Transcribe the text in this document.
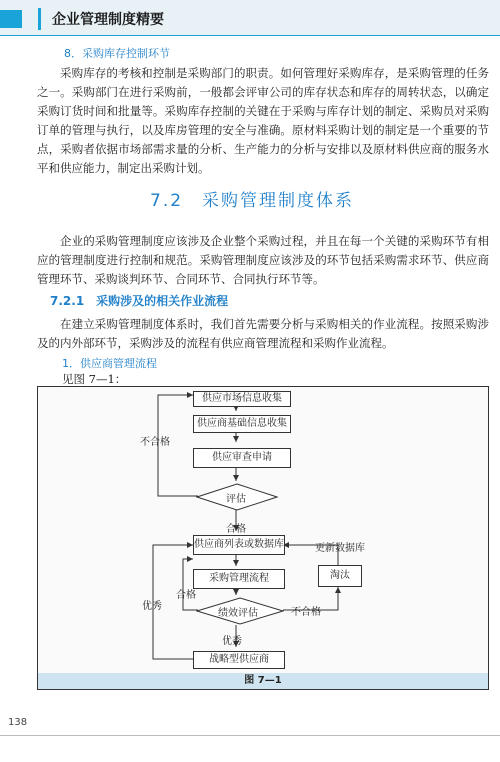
企业管理制度精要
8．采购库存控制环节

采购库存的考核和控制是采购部门的职责。如何管理好采购库存，是采购管理的任务之一。采购部门在进行采购前，一般都会评审公司的库存状态和库存的周转状态，以确定采购订货时间和批量等。采购库存控制的关键在于采购与库存计划的制定、采购员对采购订单的管理与执行，以及库房管理的安全与准确。原材料采购计划的制定是一个重要的节点，采购者依据市场部需求量的分析、生产能力的分析与安排以及原材料供应商的服务水平和供应能力，制定出采购计划。

7.2　采购管理制度体系

企业的采购管理制度应该涉及企业整个采购过程，并且在每一个关键的采购环节有相应的管理制度进行控制和规范。采购管理制度应该涉及的环节包括采购需求环节、供应商管理环节、采购谈判环节、合同环节、合同执行环节等。

7.2.1　采购涉及的相关作业流程

在建立采购管理制度体系时，我们首先需要分析与采购相关的作业流程。按照采购涉及的内外部环节，采购涉及的流程有供应商管理流程和采购作业流程。

1．供应商管理流程
见图 7—1：
供应市场信息收集
供应商基础信息收集
供应审查申请
评估
供应商列表或数据库
采购管理流程
绩效评估
淘汰
战略型供应商
不合格
合格
更新数据库
合格
优秀
不合格
优秀
图 7—1
138
